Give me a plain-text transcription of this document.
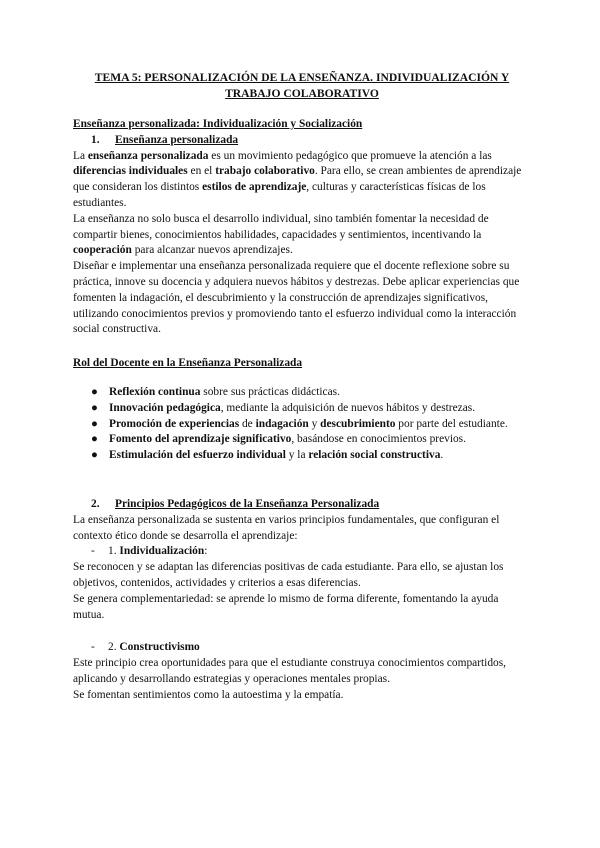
TEMA 5: PERSONALIZACIÓN DE LA ENSEÑANZA. INDIVIDUALIZACIÓN Y TRABAJO COLABORATIVO
Enseñanza personalizada: Individualización y Socialización
1. Enseñanza personalizada

La enseñanza personalizada es un movimiento pedagógico que promueve la atención a las diferencias individuales en el trabajo colaborativo. Para ello, se crean ambientes de aprendizaje que consideran los distintos estilos de aprendizaje, culturas y características físicas de los estudiantes.

La enseñanza no solo busca el desarrollo individual, sino también fomentar la necesidad de compartir bienes, conocimientos habilidades, capacidades y sentimientos, incentivando la cooperación para alcanzar nuevos aprendizajes.

Diseñar e implementar una enseñanza personalizada requiere que el docente reflexione sobre su práctica, innove su docencia y adquiera nuevos hábitos y destrezas. Debe aplicar experiencias que fomenten la indagación, el descubrimiento y la construcción de aprendizajes significativos, utilizando conocimientos previos y promoviendo tanto el esfuerzo individual como la interacción social constructiva.

Rol del Docente en la Enseñanza Personalizada
● Reflexión continua sobre sus prácticas didácticas.
● Innovación pedagógica, mediante la adquisición de nuevos hábitos y destrezas.
● Promoción de experiencias de indagación y descubrimiento por parte del estudiante.
● Fomento del aprendizaje significativo, basándose en conocimientos previos.
● Estimulación del esfuerzo individual y la relación social constructiva.
2. Principios Pedagógicos de la Enseñanza Personalizada

La enseñanza personalizada se sustenta en varios principios fundamentales, que configuran el contexto ético donde se desarrolla el aprendizaje:

- 1. Individualización:

Se reconocen y se adaptan las diferencias positivas de cada estudiante. Para ello, se ajustan los objetivos, contenidos, actividades y criterios a esas diferencias.

Se genera complementariedad: se aprende lo mismo de forma diferente, fomentando la ayuda mutua.

- 2. Constructivismo

Este principio crea oportunidades para que el estudiante construya conocimientos compartidos, aplicando y desarrollando estrategias y operaciones mentales propias.

Se fomentan sentimientos como la autoestima y la empatía.
